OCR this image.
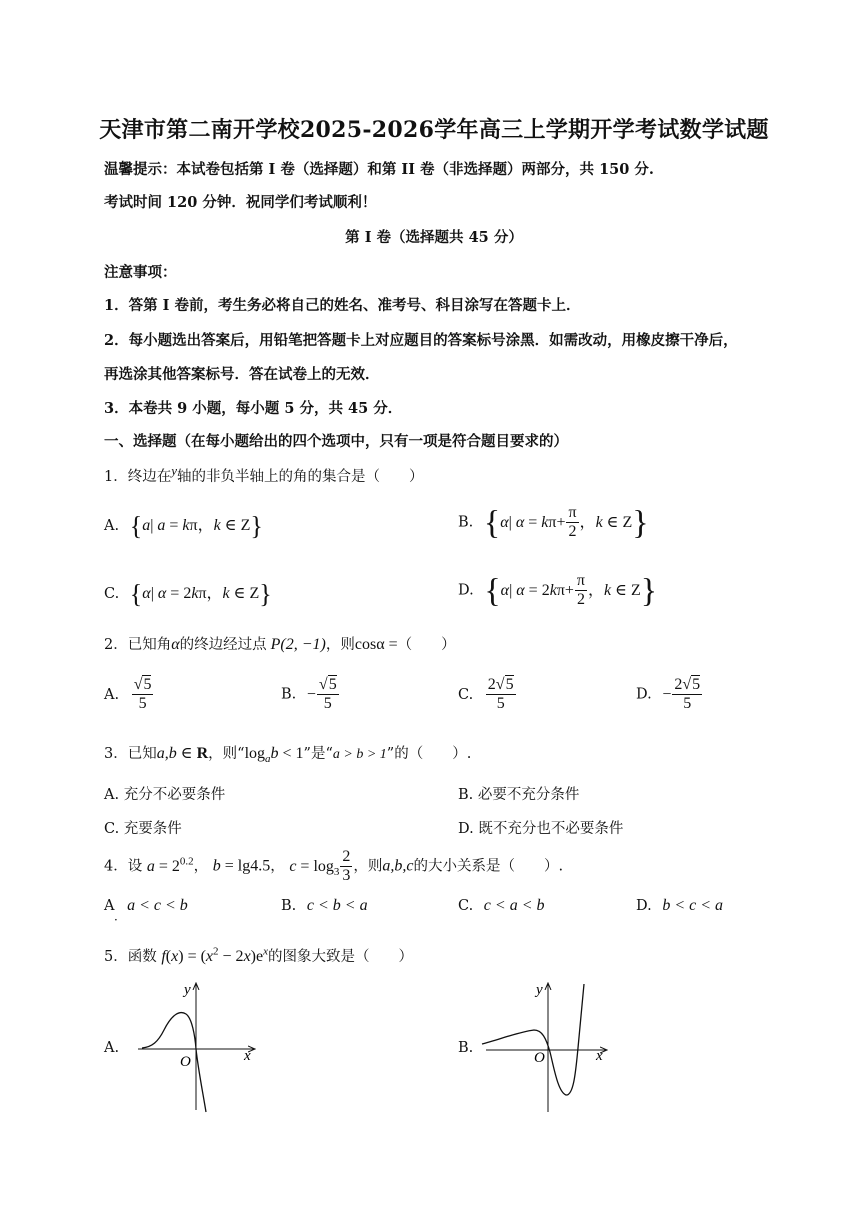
天津市第二南开学校2025-2026学年高三上学期开学考试数学试题
温馨提示：本试卷包括第 I 卷（选择题）和第 II 卷（非选择题）两部分，共 150 分.
考试时间 120 分钟．祝同学们考试顺利！
第 I 卷（选择题共 45 分）
注意事项：
1．答第 I 卷前，考生务必将自己的姓名、准考号、科目涂写在答题卡上．
2．每小题选出答案后，用铅笔把答题卡上对应题目的答案标号涂黑．如需改动，用橡皮擦干净后，
再选涂其他答案标号．答在试卷上的无效．
3．本卷共 9 小题，每小题 5 分，共 45 分．
一、选择题（在每小题给出的四个选项中，只有一项是符合题目要求的）
1．终边在$^y$轴的非负半轴上的角的集合是（　　）
A. {a| a = kπ，k ∈ Z}	B. {α| $\alpha = k\pi+ \frac{\pi}{2}$ ，k ∈ Z}
C. {α| α = 2kπ，k ∈ Z}	D. {α| $\alpha = 2k\pi+ \frac{\pi}{2}$ ，k ∈ Z}
2．已知角α的终边经过点 P(2, −1)，则cosα =（　　）
A. $\frac{√5}{5}$	B. − $\frac{√5}{5}$	C. $\frac{2√5}{5}$	D. − $\frac{2√5}{5}$
3．已知a,b ∈ R，则“$\log_ab < 1$”是“a > b > 1”的（　　）.
A. 充分不必要条件	B. 必要不充分条件
C. 充要条件	D. 既不充分也不必要条件
4．设 $a = 2^{0.2}$， b = lg4.5， $c = \log_3 \frac{2}{3}$ ，则a,b,c的大小关系是（　　）.
A a < c < b
·
B. c < b < a	C. c < a < b	D. b < c < a
5．函数 $f(x) = (x^2 - 2x)e^x$的图象大致是（　　）
A.	B.
y
x
O
y
x
O
